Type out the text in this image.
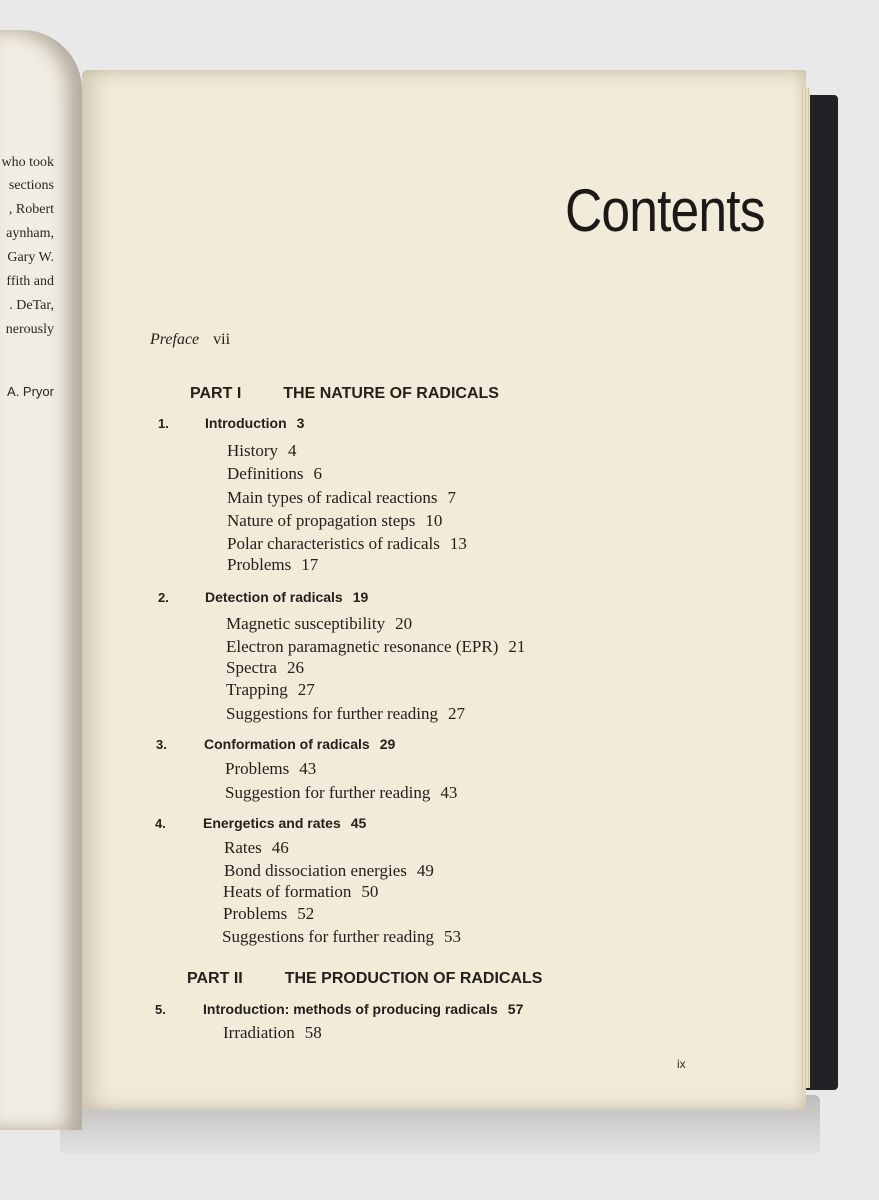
who took
sections
, Robert
aynham,
Gary W.
ffith and
. DeTar,
nerously
A. Pryor
Contents
Preface vii
PART I	THE NATURE OF RADICALS
1.	Introduction 3
History 4
Definitions 6
Main types of radical reactions 7
Nature of propagation steps 10
Polar characteristics of radicals 13
Problems 17
2.	Detection of radicals 19
Magnetic susceptibility 20
Electron paramagnetic resonance (EPR) 21
Spectra 26
Trapping 27
Suggestions for further reading 27
3.	Conformation of radicals 29
Problems 43
Suggestion for further reading 43
4.	Energetics and rates 45
Rates 46
Bond dissociation energies 49
Heats of formation 50
Problems 52
Suggestions for further reading 53
PART II	THE PRODUCTION OF RADICALS
5.	Introduction: methods of producing radicals 57
Irradiation 58
ix
